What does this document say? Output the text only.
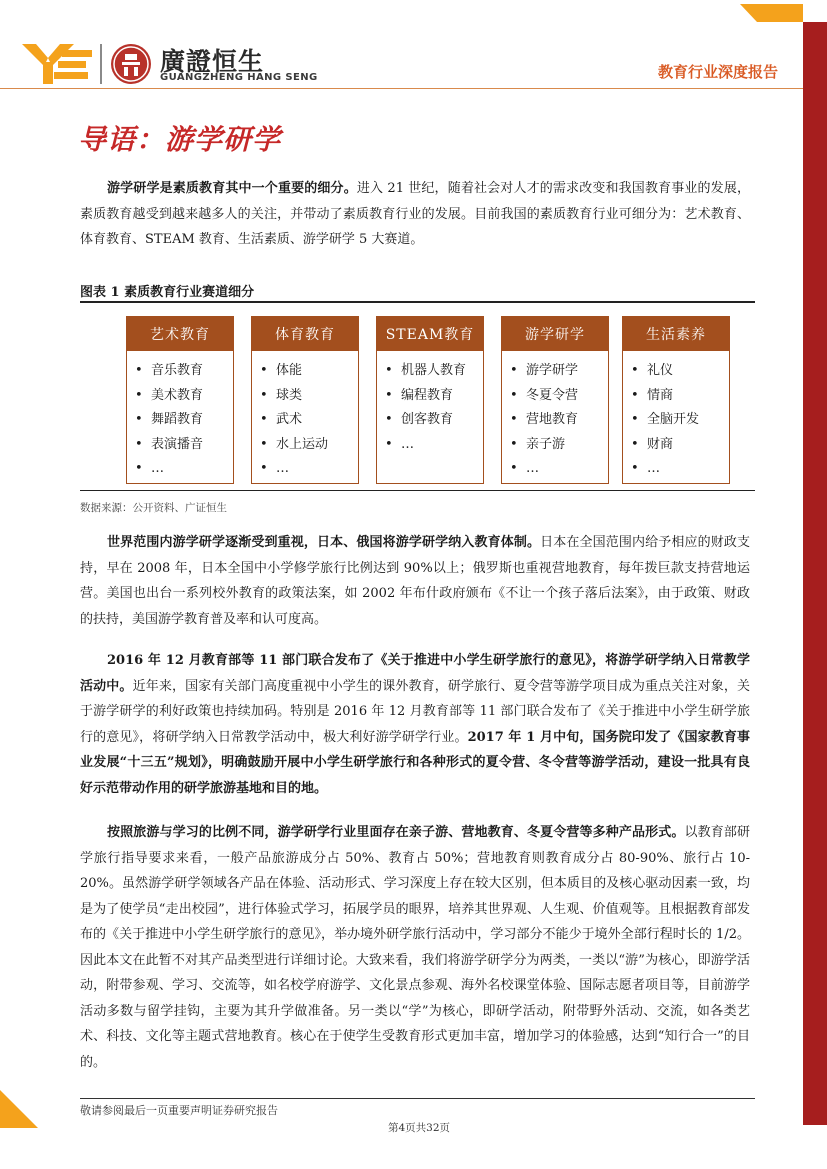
廣證恒生
GUANGZHENG HANG SENG	教育行业深度报告
导语：游学研学

游学研学是素质教育其中一个重要的细分。进入 21 世纪，随着社会对人才的需求改变和我国教育事业的发展，素质教育越受到越来越多人的关注，并带动了素质教育行业的发展。目前我国的素质教育行业可细分为：艺术教育、体育教育、STEAM 教育、生活素质、游学研学 5 大赛道。

图表 1 素质教育行业赛道细分
艺术教育
• 音乐教育
• 美术教育
• 舞蹈教育
• 表演播音
• …
体育教育
• 体能
• 球类
• 武术
• 水上运动
• …
STEAM教育
• 机器人教育
• 编程教育
• 创客教育
• …
游学研学
• 游学研学
• 冬夏令营
• 营地教育
• 亲子游
• …
生活素养
• 礼仪
• 情商
• 全脑开发
• 财商
• …
数据来源：公开资料、广证恒生

世界范围内游学研学逐渐受到重视，日本、俄国将游学研学纳入教育体制。日本在全国范围内给予相应的财政支持，早在 2008 年，日本全国中小学修学旅行比例达到 90%以上；俄罗斯也重视营地教育，每年拨巨款支持营地运营。美国也出台一系列校外教育的政策法案，如 2002 年布什政府颁布《不让一个孩子落后法案》，由于政策、财政的扶持，美国游学教育普及率和认可度高。

2016 年 12 月教育部等 11 部门联合发布了《关于推进中小学生研学旅行的意见》，将游学研学纳入日常教学活动中。近年来，国家有关部门高度重视中小学生的课外教育，研学旅行、夏令营等游学项目成为重点关注对象，关于游学研学的利好政策也持续加码。特别是 2016 年 12 月教育部等 11 部门联合发布了《关于推进中小学生研学旅行的意见》，将研学纳入日常教学活动中，极大利好游学研学行业。2017 年 1 月中旬，国务院印发了《国家教育事业发展“十三五”规划》，明确鼓励开展中小学生研学旅行和各种形式的夏令营、冬令营等游学活动，建设一批具有良好示范带动作用的研学旅游基地和目的地。

按照旅游与学习的比例不同，游学研学行业里面存在亲子游、营地教育、冬夏令营等多种产品形式。以教育部研学旅行指导要求来看，一般产品旅游成分占 50%、教育占 50%；营地教育则教育成分占 80-90%、旅行占 10-20%。虽然游学研学领域各产品在体验、活动形式、学习深度上存在较大区别，但本质目的及核心驱动因素一致，均是为了使学员“走出校园”，进行体验式学习，拓展学员的眼界，培养其世界观、人生观、价值观等。且根据教育部发布的《关于推进中小学生研学旅行的意见》，举办境外研学旅行活动中，学习部分不能少于境外全部行程时长的 1/2。因此本文在此暂不对其产品类型进行详细讨论。大致来看，我们将游学研学分为两类，一类以“游”为核心，即游学活动，附带参观、学习、交流等，如名校学府游学、文化景点参观、海外名校课堂体验、国际志愿者项目等，目前游学活动多数与留学挂钩，主要为其升学做准备。另一类以“学”为核心，即研学活动，附带野外活动、交流，如各类艺术、科技、文化等主题式营地教育。核心在于使学生受教育形式更加丰富，增加学习的体验感，达到“知行合一”的目的。

敬请参阅最后一页重要声明证券研究报告
第4页共32页
